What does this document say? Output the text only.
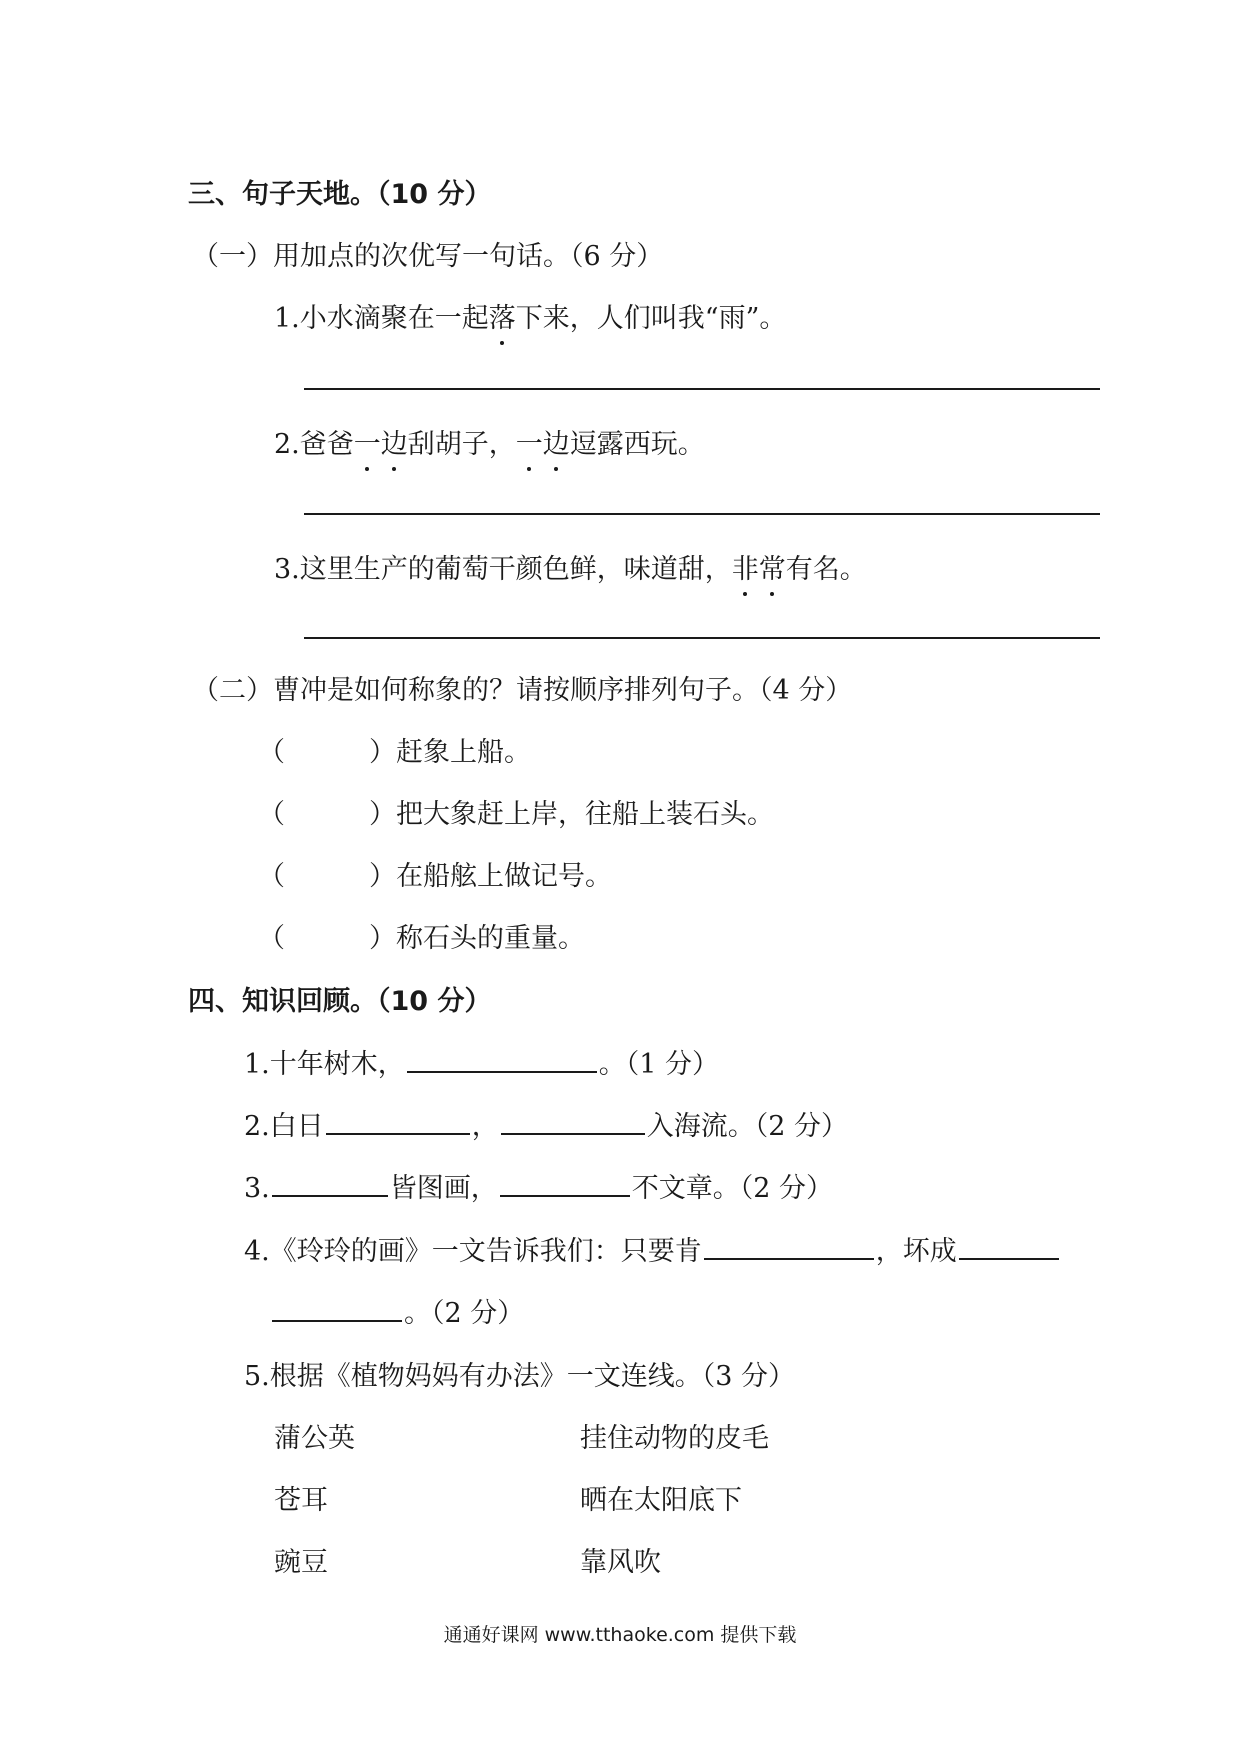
三、句子天地。（10 分）
（一）用加点的次优写一句话。（6 分）
1.小水滴聚在一起落下来，人们叫我“雨”。
2.爸爸一边刮胡子，一边逗露西玩。
3.这里生产的葡萄干颜色鲜，味道甜，非常有名。
（二）曹冲是如何称象的？请按顺序排列句子。（4 分）
（	）赶象上船。
（	）把大象赶上岸，往船上装石头。
（	）在船舷上做记号。
（	）称石头的重量。
四、知识回顾。（10 分）
1.十年树木，	。（1 分）
2.白日	，	入海流。（2 分）
3.	皆图画，	不文章。（2 分）
4.《玲玲的画》一文告诉我们：只要肯	，坏成
。（2 分）
5.根据《植物妈妈有办法》一文连线。（3 分）
蒲公英	挂住动物的皮毛
苍耳	晒在太阳底下
豌豆	靠风吹
通通好课网 www.tthaoke.com 提供下载
